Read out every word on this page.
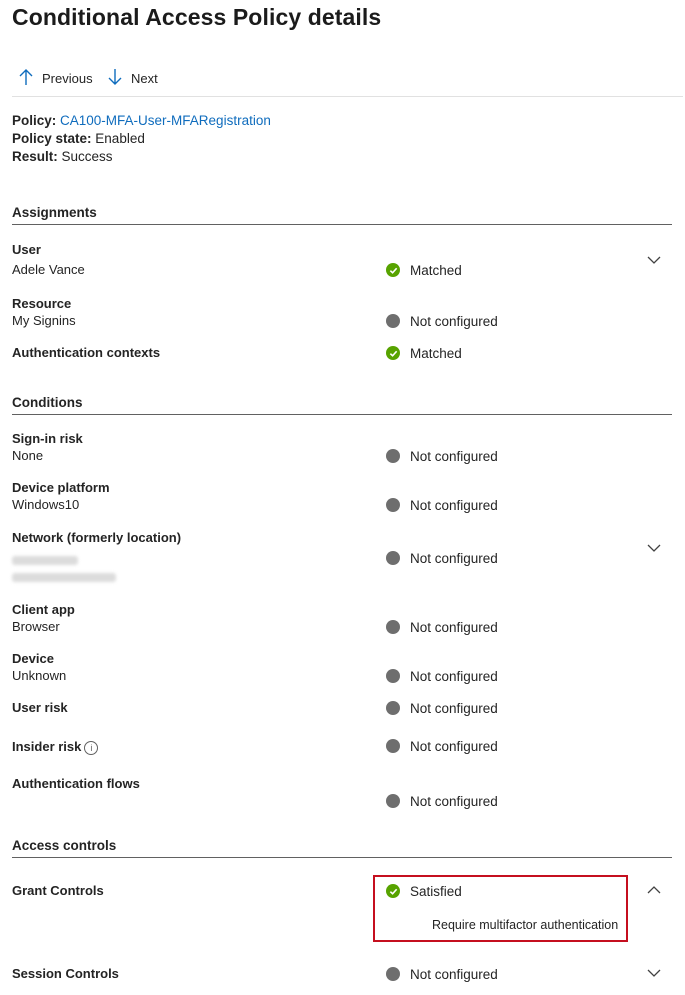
Conditional Access Policy details
Previous	Next
Policy: CA100-MFA-User-MFARegistration
Policy state: Enabled
Result: Success
Assignments
User
Adele Vance	Matched
Resource
My Signins	Not configured
Authentication contexts	Matched
Conditions
Sign-in risk
None	Not configured
Device platform
Windows10	Not configured
Network (formerly location)
Not configured
Client app
Browser	Not configured
Device
Unknown	Not configured
User risk	Not configured
Insider risk i	Not configured
Authentication flows
Not configured
Access controls
Grant Controls	Satisfied
Require multifactor authentication
Session Controls	Not configured
